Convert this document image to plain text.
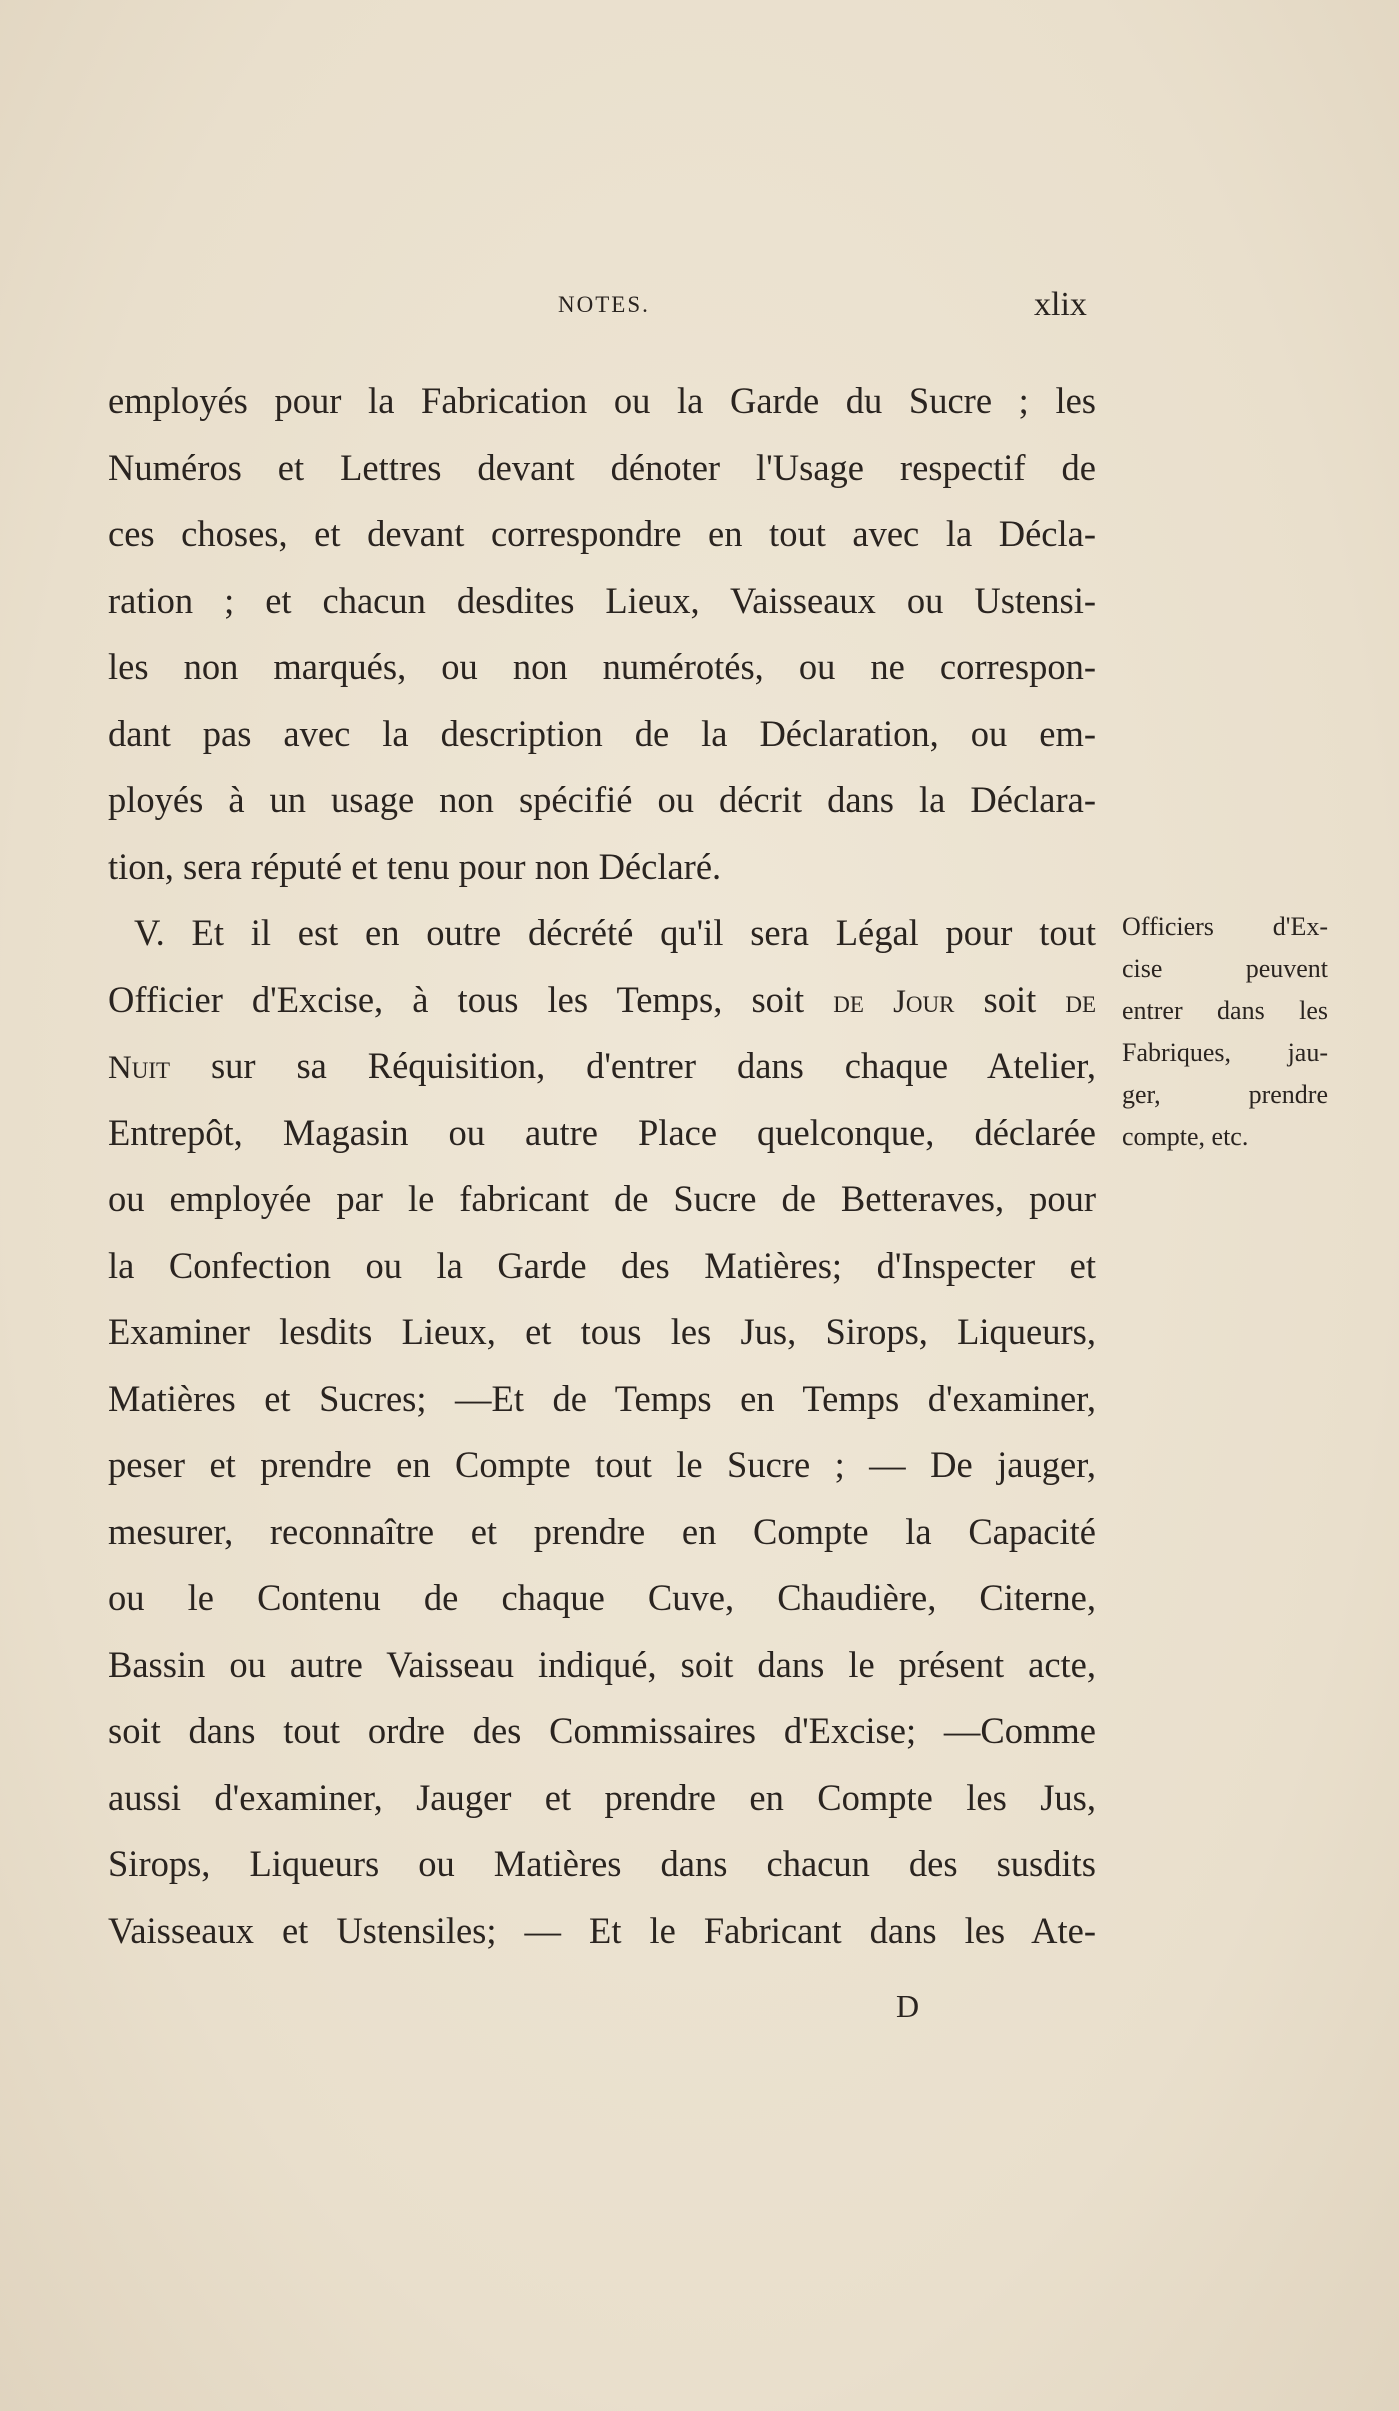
NOTES.	xlix
employés pour la Fabrication ou la Garde du Sucre ; les
Numéros et Lettres devant dénoter l'Usage respectif de
ces choses, et devant correspondre en tout avec la Décla-
ration ; et chacun desdites Lieux, Vaisseaux ou Ustensi-
les non marqués, ou non numérotés, ou ne correspon-
dant pas avec la description de la Déclaration, ou em-
ployés à un usage non spécifié ou décrit dans la Déclara-
tion, sera réputé et tenu pour non Déclaré.
V. Et il est en outre décrété qu'il sera Légal pour tout
Officier d'Excise, à tous les Temps, soit de Jour soit de
Nuit sur sa Réquisition, d'entrer dans chaque Atelier,
Entrepôt, Magasin ou autre Place quelconque, déclarée
ou employée par le fabricant de Sucre de Betteraves, pour
la Confection ou la Garde des Matières; d'Inspecter et
Examiner lesdits Lieux, et tous les Jus, Sirops, Liqueurs,
Matières et Sucres; —Et de Temps en Temps d'examiner,
peser et prendre en Compte tout le Sucre ; — De jauger,
mesurer, reconnaître et prendre en Compte la Capacité
ou le Contenu de chaque Cuve, Chaudière, Citerne,
Bassin ou autre Vaisseau indiqué, soit dans le présent acte,
soit dans tout ordre des Commissaires d'Excise; —Comme
aussi d'examiner, Jauger et prendre en Compte les Jus,
Sirops, Liqueurs ou Matières dans chacun des susdits
Vaisseaux et Ustensiles; — Et le Fabricant dans les Ate-
Officiers d'Ex-
cise peuvent
entrer dans les
Fabriques, jau-
ger, prendre
compte, etc.
D
